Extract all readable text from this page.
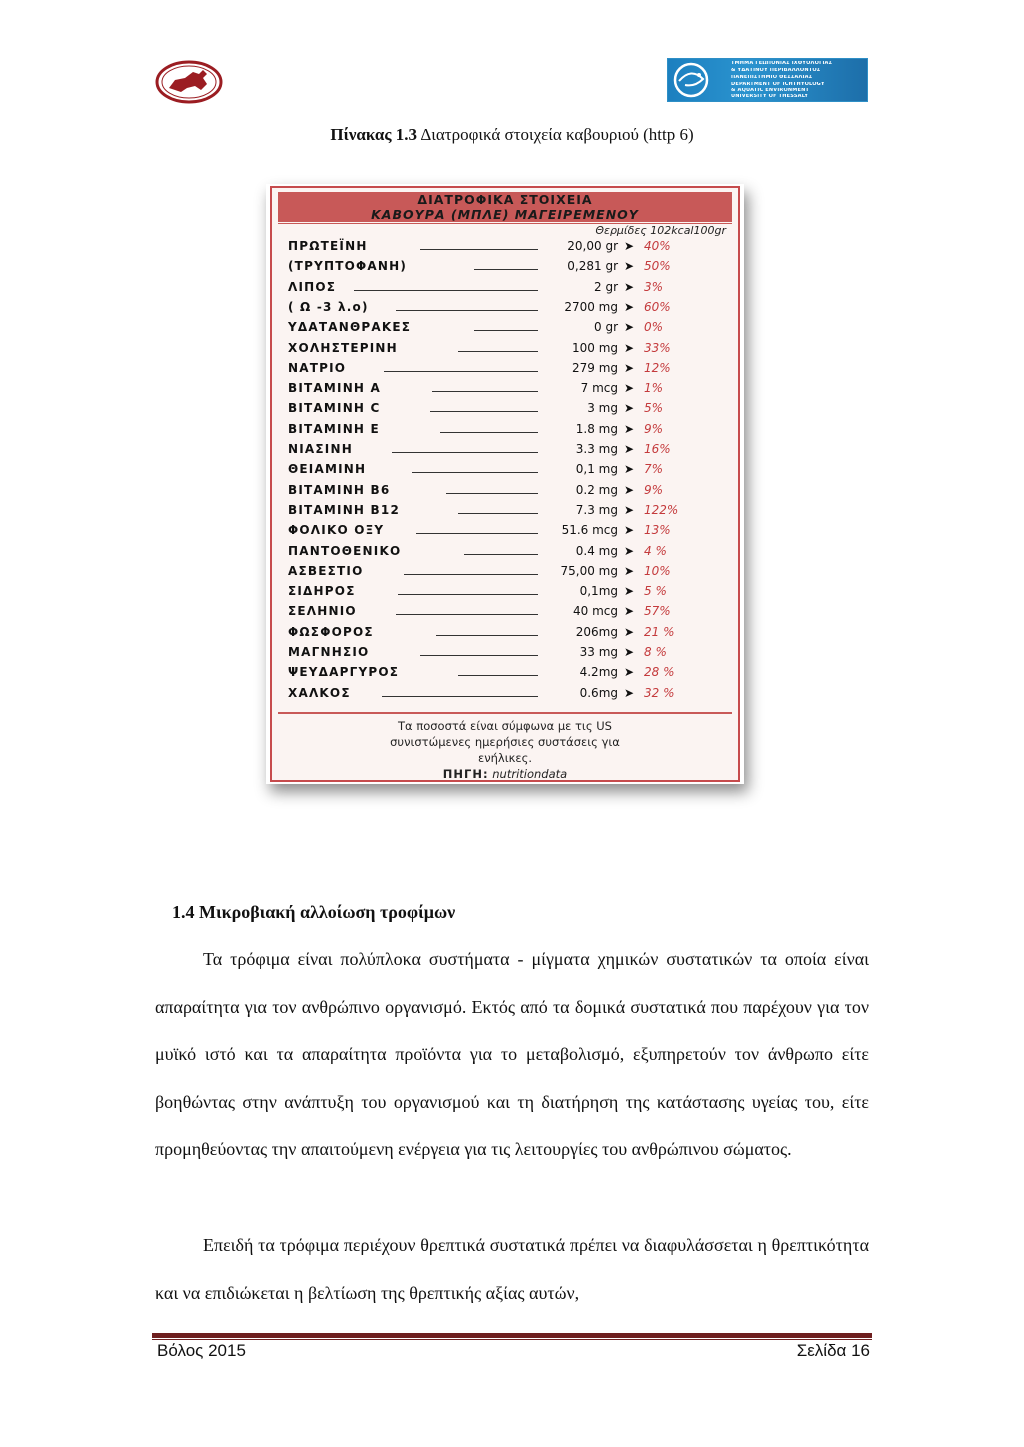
ΤΜΗΜΑ ΓΕΩΠΟΝΙΑΣ ΙΧΘΥΟΛΟΓΙΑΣ
& ΥΔΑΤΙΝΟΥ ΠΕΡΙΒΑΛΛΟΝΤΟΣ
ΠΑΝΕΠΙΣΤΗΜΙΟ ΘΕΣΣΑΛΙΑΣ
DEPARTMENT OF ICHTHYOLOGY
& AQUATIC ENVIRONMENT
UNIVERSITY OF THESSALY
Πίνακας 1.3 Διατροφικά στοιχεία καβουριού (http 6)
ΔΙΑΤΡΟΦΙΚΑ ΣΤΟΙΧΕΙΑ
ΚΑΒΟΥΡΑ (ΜΠΛΕ) ΜΑΓΕΙΡΕΜΕΝΟΥ
Θερμίδες 102kcal100gr
ΠΡΩΤΕΪΝΗ	20,00 gr ➤ 40%
(ΤΡΥΠΤΟΦΑΝΗ)	0,281 gr ➤ 50%
ΛΙΠΟΣ	2 gr ➤ 3%
( Ω -3 λ.ο)	2700 mg ➤ 60%
ΥΔΑΤΑΝΘΡΑΚΕΣ	0 gr ➤ 0%
ΧΟΛΗΣΤΕΡΙΝΗ	100 mg ➤ 33%
ΝΑΤΡΙΟ	279 mg ➤ 12%
ΒΙΤΑΜΙΝΗ Α	7 mcg ➤ 1%
ΒΙΤΑΜΙΝΗ C	3 mg ➤ 5%
ΒΙΤΑΜΙΝΗ Ε	1.8 mg ➤ 9%
ΝΙΑΣΙΝΗ	3.3 mg ➤ 16%
ΘΕΙΑΜΙΝΗ	0,1 mg ➤ 7%
ΒΙΤΑΜΙΝΗ Β6	0.2 mg ➤ 9%
ΒΙΤΑΜΙΝΗ Β12	7.3 mg ➤ 122%
ΦΟΛΙΚΟ ΟΞΥ	51.6 mcg ➤ 13%
ΠΑΝΤΟΘΕΝΙΚΟ	0.4 mg ➤ 4 %
ΑΣΒΕΣΤΙΟ	75,00 mg ➤ 10%
ΣΙΔΗΡΟΣ	0,1mg ➤ 5 %
ΣΕΛΗΝΙΟ	40 mcg ➤ 57%
ΦΩΣΦΟΡΟΣ	206mg ➤ 21 %
ΜΑΓΝΗΣΙΟ	33 mg ➤ 8 %
ΨΕΥΔΑΡΓΥΡΟΣ	4.2mg ➤ 28 %
ΧΑΛΚΟΣ	0.6mg ➤ 32 %
Τα ποσοστά είναι σύμφωνα με τις US
συνιστώμενες ημερήσιες συστάσεις για
ενήλικες.
ΠΗΓΗ: nutritiondata
1.4 Μικροβιακή αλλοίωση τροφίμων
Τα τρόφιμα είναι πολύπλοκα συστήματα - μίγματα χημικών συστατικών τα οποία είναι απαραίτητα για τον ανθρώπινο οργανισμό. Εκτός από τα δομικά συστατικά που παρέχουν για τον μυϊκό ιστό και τα απαραίτητα προϊόντα για το μεταβολισμό, εξυπηρετούν τον άνθρωπο είτε βοηθώντας στην ανάπτυξη του οργανισμού και τη διατήρηση της κατάστασης υγείας του, είτε προμηθεύοντας την απαιτούμενη ενέργεια για τις λειτουργίες του ανθρώπινου σώματος.
Επειδή τα τρόφιμα περιέχουν θρεπτικά συστατικά πρέπει να διαφυλάσσεται η θρεπτικότητα και να επιδιώκεται η βελτίωση της θρεπτικής αξίας αυτών,
Βόλος 2015	Σελίδα 16
